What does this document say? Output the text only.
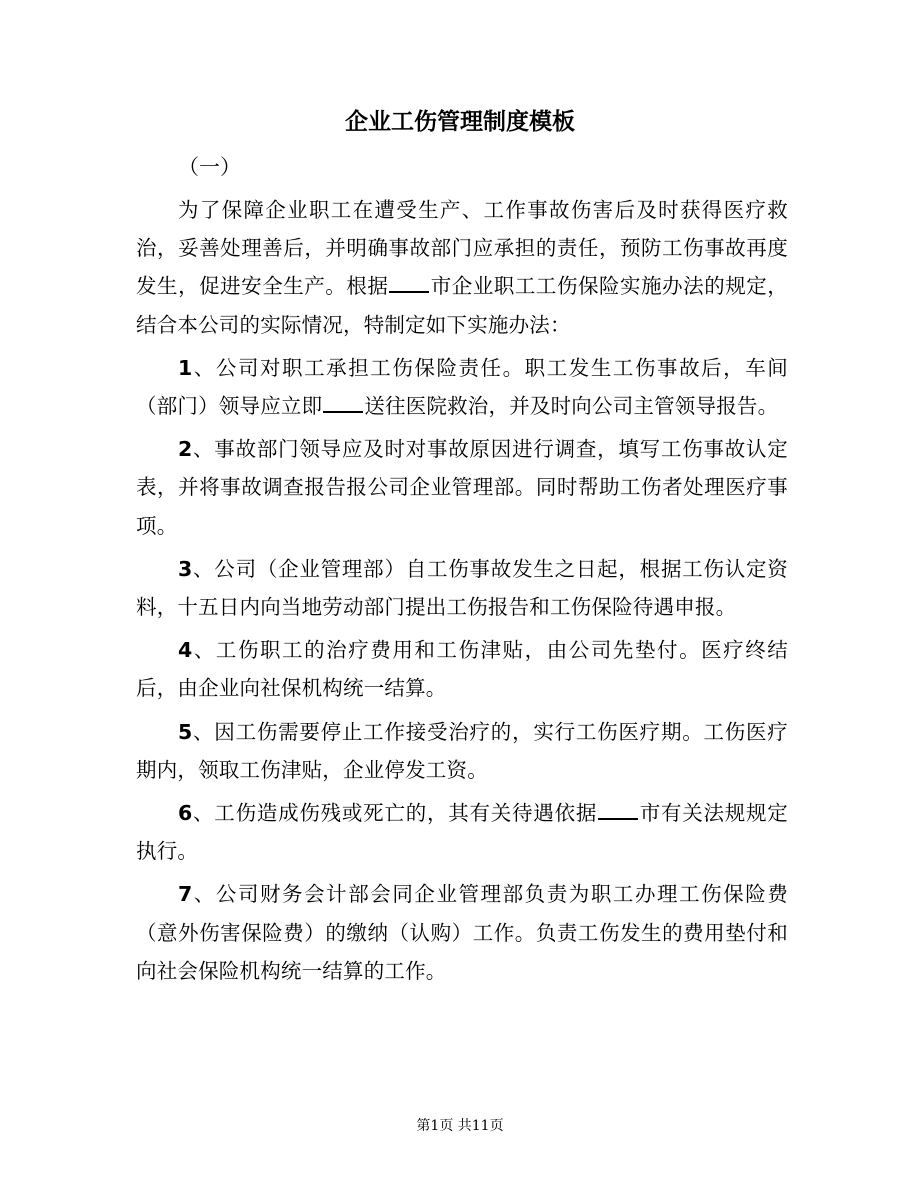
企业工伤管理制度模板

（一）

为了保障企业职工在遭受生产、工作事故伤害后及时获得医疗救治，妥善处理善后，并明确事故部门应承担的责任，预防工伤事故再度发生，促进安全生产。根据 市企业职工工伤保险实施办法的规定，结合本公司的实际情况，特制定如下实施办法：

1、公司对职工承担工伤保险责任。职工发生工伤事故后，车间（部门）领导应立即 送往医院救治，并及时向公司主管领导报告。

2、事故部门领导应及时对事故原因进行调查，填写工伤事故认定表，并将事故调查报告报公司企业管理部。同时帮助工伤者处理医疗事项。

3、公司（企业管理部）自工伤事故发生之日起，根据工伤认定资料，十五日内向当地劳动部门提出工伤报告和工伤保险待遇申报。

4、工伤职工的治疗费用和工伤津贴，由公司先垫付。医疗终结后，由企业向社保机构统一结算。

5、因工伤需要停止工作接受治疗的，实行工伤医疗期。工伤医疗期内，领取工伤津贴，企业停发工资。

6、工伤造成伤残或死亡的，其有关待遇依据 市有关法规规定执行。

7、公司财务会计部会同企业管理部负责为职工办理工伤保险费（意外伤害保险费）的缴纳（认购）工作。负责工伤发生的费用垫付和向社会保险机构统一结算的工作。

第1页 共11页
